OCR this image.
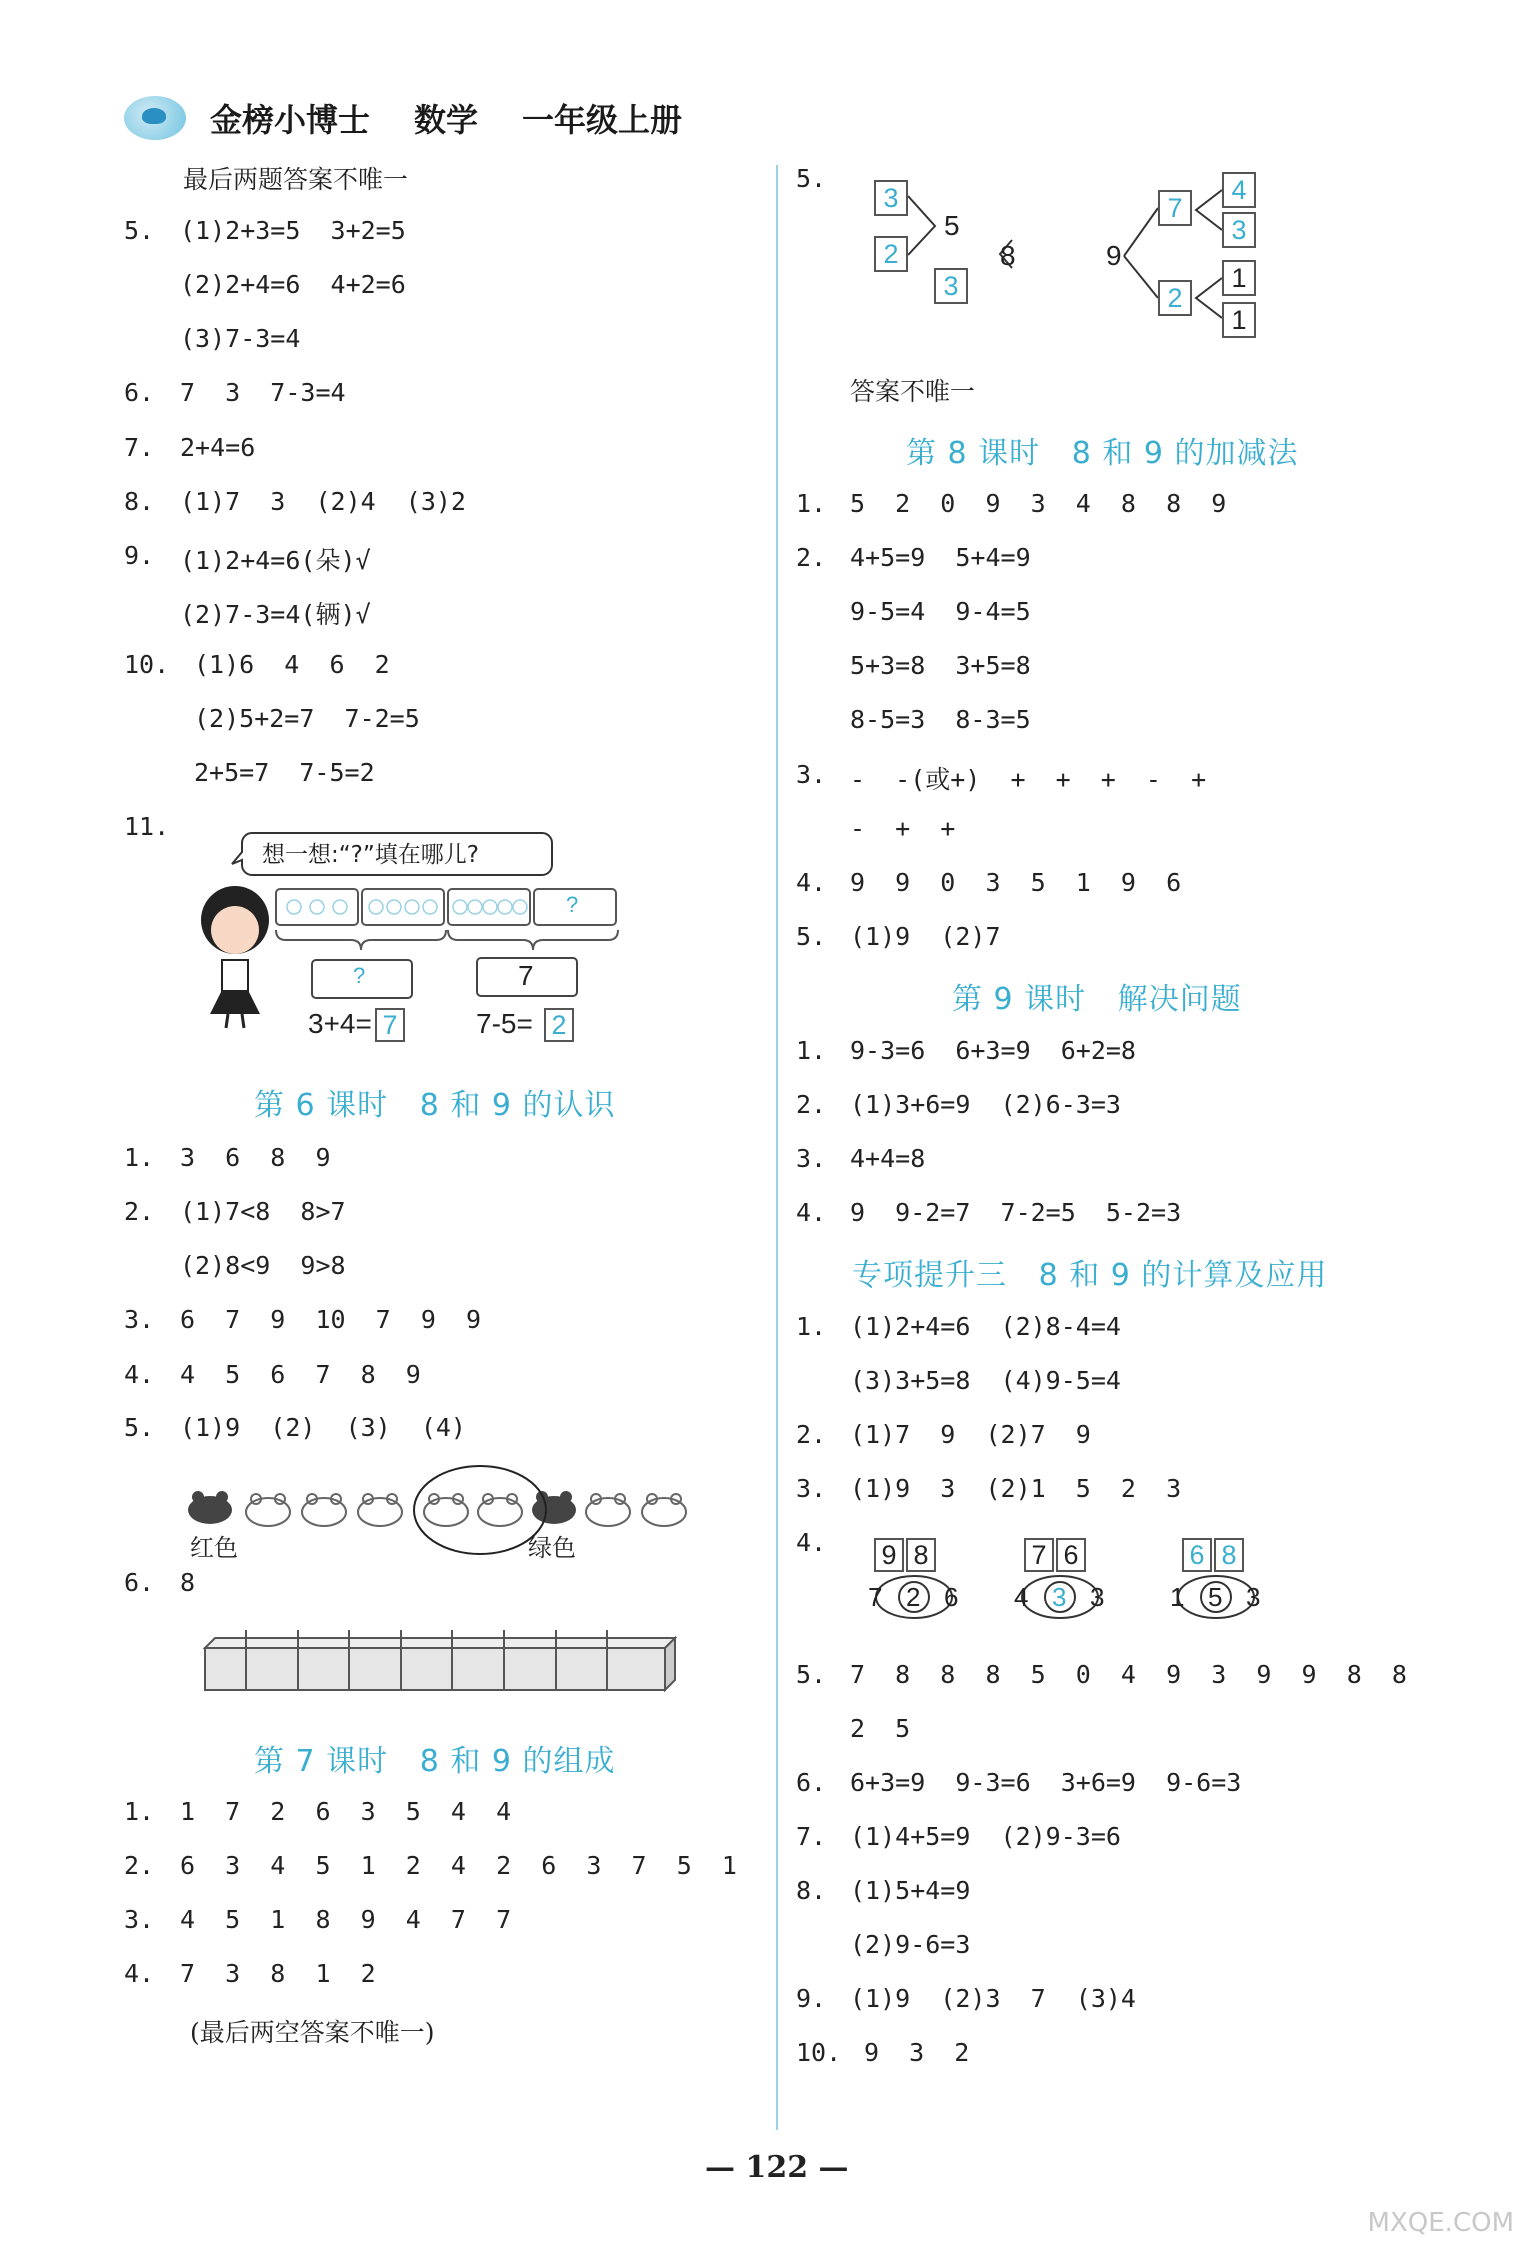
金榜小博士 数学 一年级上册
最后两题答案不唯一
5. (1)2+3=5  3+2=5
(2)2+4=6  4+2=6
(3)7-3=4
6. 7  3  7-3=4
7. 2+4=6
8. (1)7  3  (2)4  (3)2
9. (1)2+4=6(朵)√
(2)7-3=4(辆)√
10. (1)6  4  6  2
(2)5+2=7  7-2=5
2+5=7  7-5=2
11.
想一想:“?”填在哪儿?
?
?	7
3+4= 7	7-5= 2
第 6 课时   8 和 9 的认识
1. 3  6  8  9
2. (1)7<8  8>7
(2)8<9  9>8
3. 6  7  9  10  7  9  9
4. 4  5  6  7  8  9
5. (1)9  (2)  (3)  (4)
红色	绿色
6. 8
第 7 课时   8 和 9 的组成
1. 1  7  2  6  3  5  4  4
2. 6  3  4  5  1  2  4  2  6  3  7  5  1
3. 4  5  1  8  9  4  7  7
4. 7  3  8  1  2
(最后两空答案不唯一)
5.
3
2
3
5
8	9
7
4
3
2
1
1
答案不唯一
第 8 课时   8 和 9 的加减法
1. 5  2  0  9  3  4  8  8  9
2. 4+5=9  5+4=9
9-5=4  9-4=5
5+3=8  3+5=8
8-5=3  8-3=5
3. -  -(或+)  +  +  +  -  +
-  +  +
4. 9  9  0  3  5  1  9  6
5. (1)9  (2)7
第 9 课时   解决问题
1. 9-3=6  6+3=9  6+2=8
2. (1)3+6=9  (2)6-3=3
3. 4+4=8
4. 9  9-2=7  7-2=5  5-2=3
专项提升三   8 和 9 的计算及应用
1. (1)2+4=6  (2)8-4=4
(3)3+5=8  (4)9-5=4
2. (1)7  9  (2)7  9
3. (1)9  3  (2)1  5  2  3
4. 9 8
7 2 6
7 6
4 3 3
6 8
1 5 3
5. 7  8  8  8  5  0  4  9  3  9  9  8  8
2  5
6. 6+3=9  9-3=6  3+6=9  9-6=3
7. (1)4+5=9  (2)9-3=6
8. (1)5+4=9
(2)9-6=3
9. (1)9  (2)3  7  (3)4
10. 9  3  2
— 122 —
MXQE.COM
